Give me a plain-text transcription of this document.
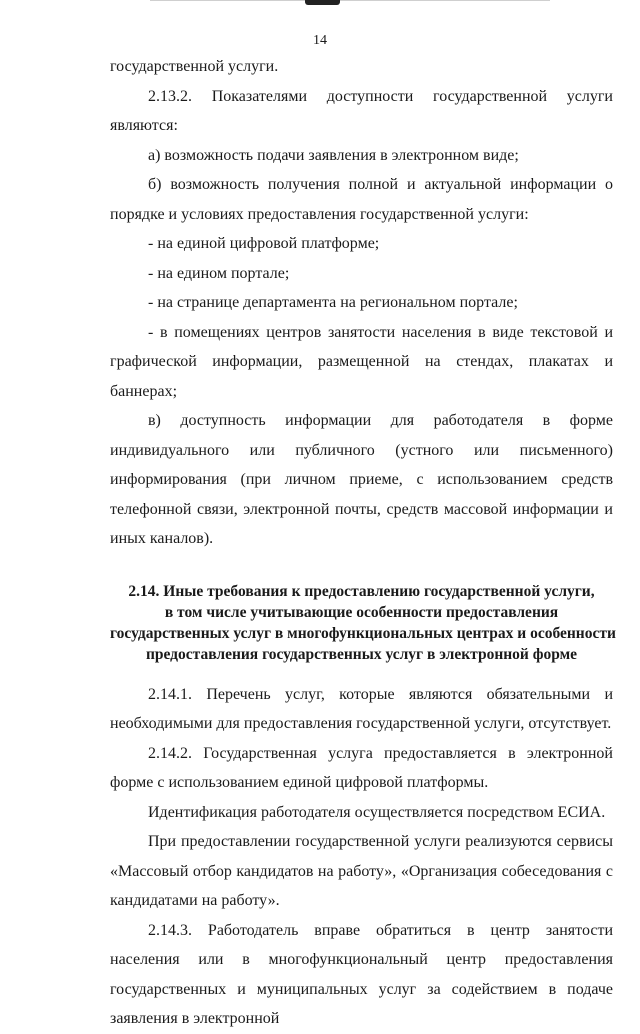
14

государственной услуги.

2.13.2. Показателями доступности государственной услуги являются:

а) возможность подачи заявления в электронном виде;

б) возможность получения полной и актуальной информации о порядке и условиях предоставления государственной услуги:

- на единой цифровой платформе;

- на едином портале;

- на странице департамента на региональном портале;

- в помещениях центров занятости населения в виде текстовой и графической информации, размещенной на стендах, плакатах и баннерах;

в) доступность информации для работодателя в форме индивидуального или публичного (устного или письменного) информирования (при личном приеме, с использованием средств телефонной связи, электронной почты, средств массовой информации и иных каналов).

2.14. Иные требования к предоставлению государственной услуги,
в том числе учитывающие особенности предоставления
государственных услуг в многофункциональных центрах и особенности
предоставления государственных услуг в электронной форме

2.14.1. Перечень услуг, которые являются обязательными и необходимыми для предоставления государственной услуги, отсутствует.

2.14.2. Государственная услуга предоставляется в электронной форме с использованием единой цифровой платформы.

Идентификация работодателя осуществляется посредством ЕСИА.

При предоставлении государственной услуги реализуются сервисы «Массовый отбор кандидатов на работу», «Организация собеседования с кандидатами на работу».

2.14.3. Работодатель вправе обратиться в центр занятости населения или в многофункциональный центр предоставления государственных и муниципальных услуг за содействием в подаче заявления в электронной
